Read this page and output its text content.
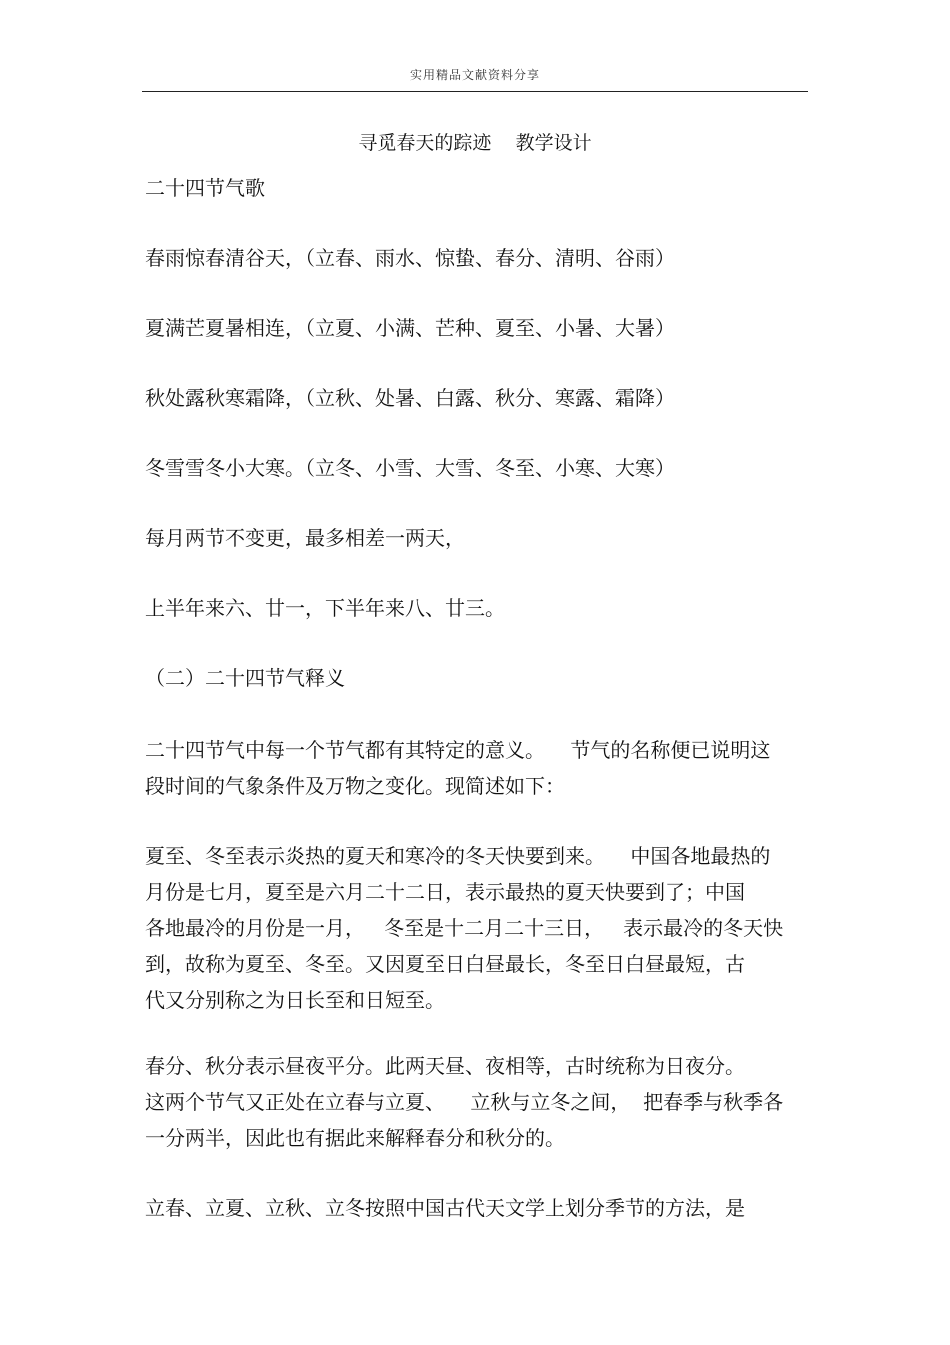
实用精品文献资料分享
寻觅春天的踪迹    教学设计
二十四节气歌
春雨惊春清谷天，（立春、雨水、惊蛰、春分、清明、谷雨）
夏满芒夏暑相连，（立夏、小满、芒种、夏至、小暑、大暑）
秋处露秋寒霜降，（立秋、处暑、白露、秋分、寒露、霜降）
冬雪雪冬小大寒。（立冬、小雪、大雪、冬至、小寒、大寒）
每月两节不变更，最多相差一两天，
上半年来六、廿一，下半年来八、廿三。
（二）二十四节气释义
二十四节气中每一个节气都有其特定的意义。    节气的名称便已说明这
段时间的气象条件及万物之变化。现简述如下：
夏至、冬至表示炎热的夏天和寒冷的冬天快要到来。    中国各地最热的
月份是七月，夏至是六月二十二日，表示最热的夏天快要到了；中国
各地最冷的月份是一月，   冬至是十二月二十三日，   表示最冷的冬天快
到，故称为夏至、冬至。又因夏至日白昼最长，冬至日白昼最短，古
代又分别称之为日长至和日短至。
春分、秋分表示昼夜平分。此两天昼、夜相等，古时统称为日夜分。
这两个节气又正处在立春与立夏、    立秋与立冬之间，  把春季与秋季各
一分两半，因此也有据此来解释春分和秋分的。
立春、立夏、立秋、立冬按照中国古代天文学上划分季节的方法，是
